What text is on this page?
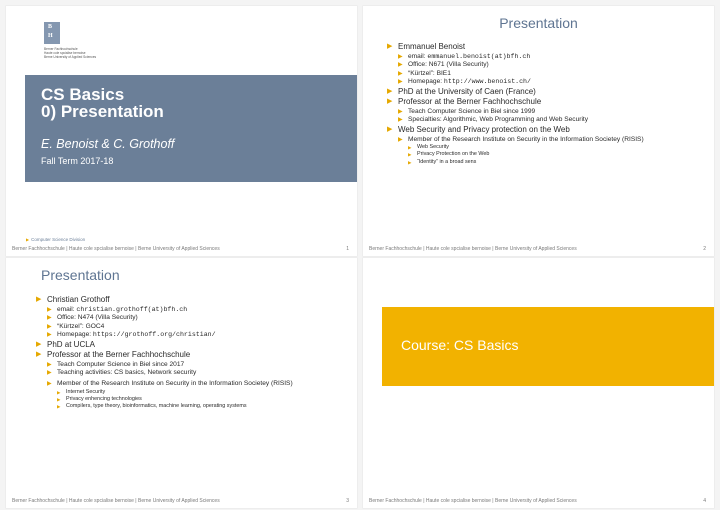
B
H
Berner Fachhochschule
Haute cole spcialise bernoise
Berne University of Applied Sciences
CS Basics
0) Presentation
E. Benoist & C. Grothoff
Fall Term 2017-18
▶ Computer Science Division
Berner Fachhochschule | Haute cole spcialise bernoise | Berne University of Applied Sciences	1
Presentation
▶ Emmanuel Benoist
▶ email: emmanuel.benoist(at)bfh.ch
▶ Office: N671 (Villa Security)
▶ “Kürtzel”: BIE1
▶ Homepage: http://www.benoist.ch/
▶ PhD at the University of Caen (France)
▶ Professor at the Berner Fachhochschule
▶ Teach Computer Science in Biel since 1999
▶ Specialties: Algorithmic, Web Programming and Web Security
▶ Web Security and Privacy protection on the Web
▶ Member of the Research Institute on Security in the Information Societey (RISIS)
▶ Web Security
▶ Privacy Protection on the Web
▶ “Identity” in a broad sens
Berner Fachhochschule | Haute cole spcialise bernoise | Berne University of Applied Sciences	2
Presentation
▶ Christian Grothoff
▶ email: christian.grothoff(at)bfh.ch
▶ Office: N474 (Villa Security)
▶ “Kürtzel”: GOC4
▶ Homepage: https://grothoff.org/christian/
▶ PhD at UCLA
▶ Professor at the Berner Fachhochschule
▶ Teach Computer Science in Biel since 2017
▶ Teaching activities: CS basics, Network security
▶ Member of the Research Institute on Security in the Information Societey (RISIS)
▶ Internet Security
▶ Privacy enhencing technologies
▶ Compilers, type theory, bioinformatics, machine learning, operating systems
Berner Fachhochschule | Haute cole spcialise bernoise | Berne University of Applied Sciences	3
Course: CS Basics
Berner Fachhochschule | Haute cole spcialise bernoise | Berne University of Applied Sciences	4
